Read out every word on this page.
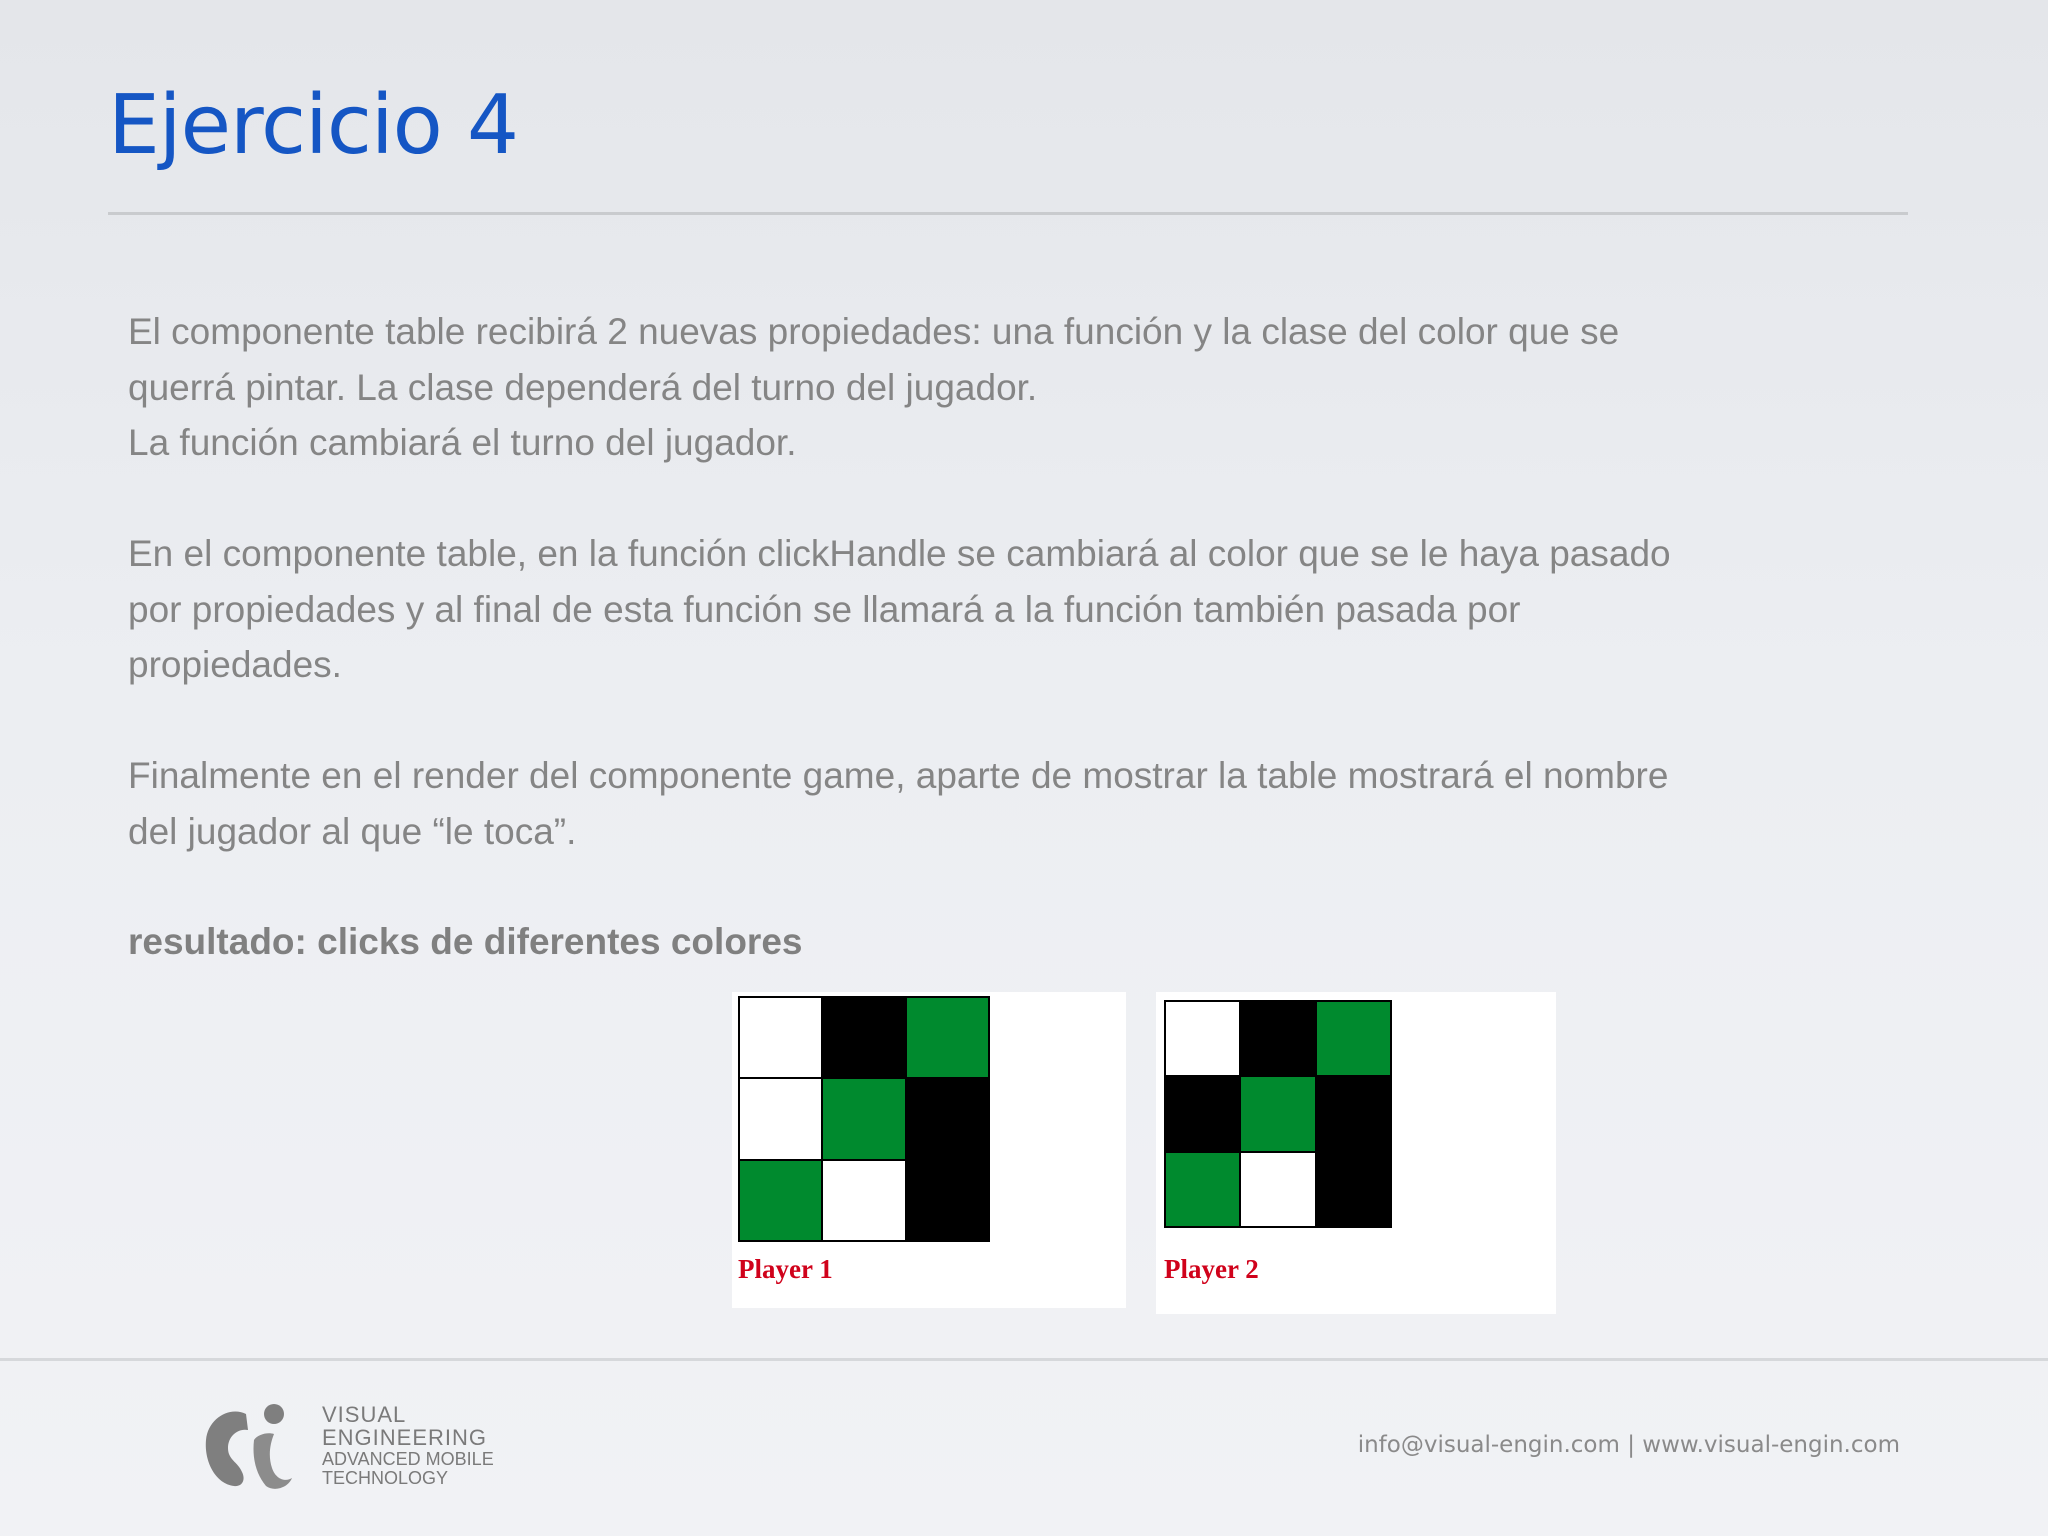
Ejercicio 4

El componente table recibirá 2 nuevas propiedades: una función y la clase del color que se

querrá pintar. La clase dependerá del turno del jugador.

La función cambiará el turno del jugador.

En el componente table, en la función clickHandle se cambiará al color que se le haya pasado

por propiedades y al final de esta función se llamará a la función también pasada por

propiedades.

Finalmente en el render del componente game, aparte de mostrar la table mostrará el nombre

del jugador al que “le toca”.

resultado: clicks de diferentes colores
Player 1	Player 2
VISUAL
ENGINEERING
ADVANCED MOBILE
TECHNOLOGY
info@visual-engin.com | www.visual-engin.com
